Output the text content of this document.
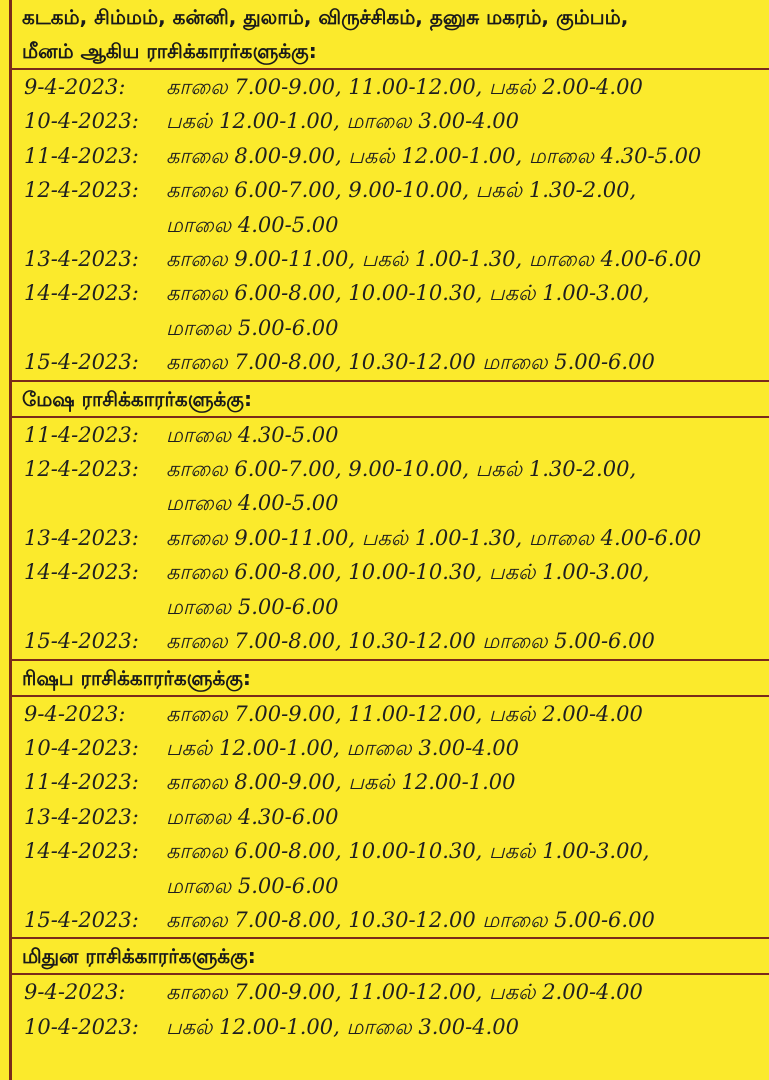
கடகம், சிம்மம், கன்னி, துலாம், விருச்சிகம், தனுசு மகரம், கும்பம்,
மீனம் ஆகிய ராசிக்காரர்களுக்கு:
9-4-2023:	காலை 7.00-9.00, 11.00-12.00, பகல் 2.00-4.00
10-4-2023:	பகல் 12.00-1.00, மாலை 3.00-4.00
11-4-2023:	காலை 8.00-9.00, பகல் 12.00-1.00, மாலை 4.30-5.00
12-4-2023:	காலை 6.00-7.00, 9.00-10.00, பகல் 1.30-2.00,
மாலை 4.00-5.00
13-4-2023:	காலை 9.00-11.00, பகல் 1.00-1.30, மாலை 4.00-6.00
14-4-2023:	காலை 6.00-8.00, 10.00-10.30, பகல் 1.00-3.00,
மாலை 5.00-6.00
15-4-2023:	காலை 7.00-8.00, 10.30-12.00 மாலை 5.00-6.00
மேஷ ராசிக்காரர்களுக்கு:
11-4-2023:	மாலை 4.30-5.00
12-4-2023:	காலை 6.00-7.00, 9.00-10.00, பகல் 1.30-2.00,
மாலை 4.00-5.00
13-4-2023:	காலை 9.00-11.00, பகல் 1.00-1.30, மாலை 4.00-6.00
14-4-2023:	காலை 6.00-8.00, 10.00-10.30, பகல் 1.00-3.00,
மாலை 5.00-6.00
15-4-2023:	காலை 7.00-8.00, 10.30-12.00 மாலை 5.00-6.00
ரிஷப ராசிக்காரர்களுக்கு:
9-4-2023:	காலை 7.00-9.00, 11.00-12.00, பகல் 2.00-4.00
10-4-2023:	பகல் 12.00-1.00, மாலை 3.00-4.00
11-4-2023:	காலை 8.00-9.00, பகல் 12.00-1.00
13-4-2023:	மாலை 4.30-6.00
14-4-2023:	காலை 6.00-8.00, 10.00-10.30, பகல் 1.00-3.00,
மாலை 5.00-6.00
15-4-2023:	காலை 7.00-8.00, 10.30-12.00 மாலை 5.00-6.00
மிதுன ராசிக்காரர்களுக்கு:
9-4-2023:	காலை 7.00-9.00, 11.00-12.00, பகல் 2.00-4.00
10-4-2023:	பகல் 12.00-1.00, மாலை 3.00-4.00
